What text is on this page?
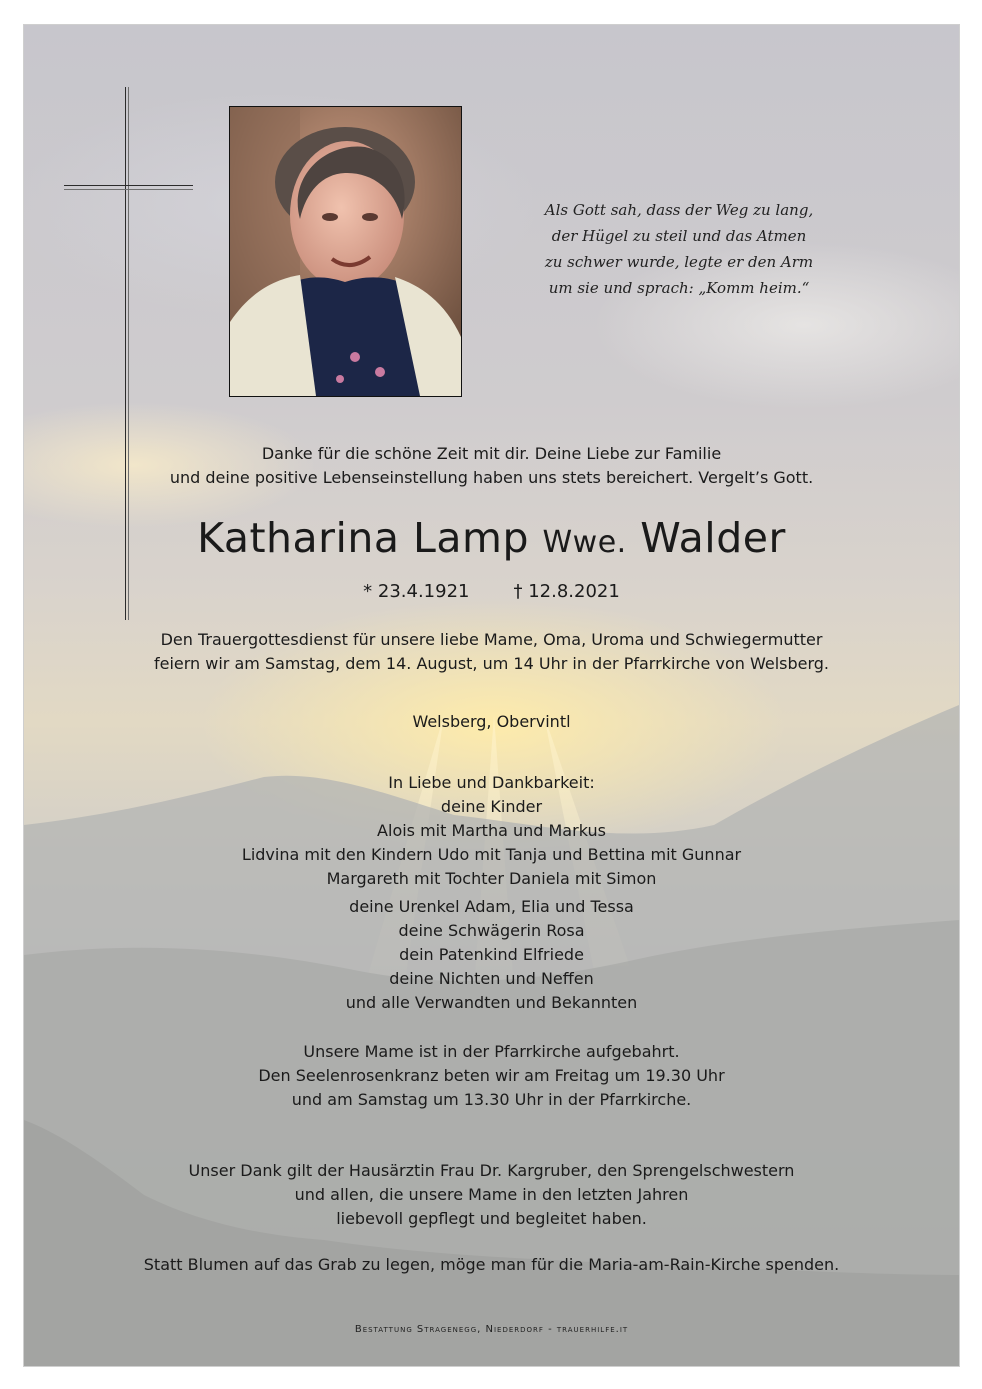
Als Gott sah, dass der Weg zu lang,
der Hügel zu steil und das Atmen
zu schwer wurde, legte er den Arm
um sie und sprach: „Komm heim.“
Danke für die schöne Zeit mit dir. Deine Liebe zur Familie
und deine positive Lebenseinstellung haben uns stets bereichert. Vergelt’s Gott.
Katharina Lamp Wwe. Walder
* 23.4.1921 † 12.8.2021
Den Trauergottesdienst für unsere liebe Mame, Oma, Uroma und Schwiegermutter
feiern wir am Samstag, dem 14. August, um 14 Uhr in der Pfarrkirche von Welsberg.
Welsberg, Obervintl
In Liebe und Dankbarkeit:
deine Kinder
Alois mit Martha und Markus
Lidvina mit den Kindern Udo mit Tanja und Bettina mit Gunnar
Margareth mit Tochter Daniela mit Simon
deine Urenkel Adam, Elia und Tessa
deine Schwägerin Rosa
dein Patenkind Elfriede
deine Nichten und Neffen
und alle Verwandten und Bekannten
Unsere Mame ist in der Pfarrkirche aufgebahrt.
Den Seelenrosenkranz beten wir am Freitag um 19.30 Uhr
und am Samstag um 13.30 Uhr in der Pfarrkirche.
Unser Dank gilt der Hausärztin Frau Dr. Kargruber, den Sprengelschwestern
und allen, die unsere Mame in den letzten Jahren
liebevoll gepflegt und begleitet haben.
Statt Blumen auf das Grab zu legen, möge man für die Maria-am-Rain-Kirche spenden.
Bestattung Stragenegg, Niederdorf - trauerhilfe.it
